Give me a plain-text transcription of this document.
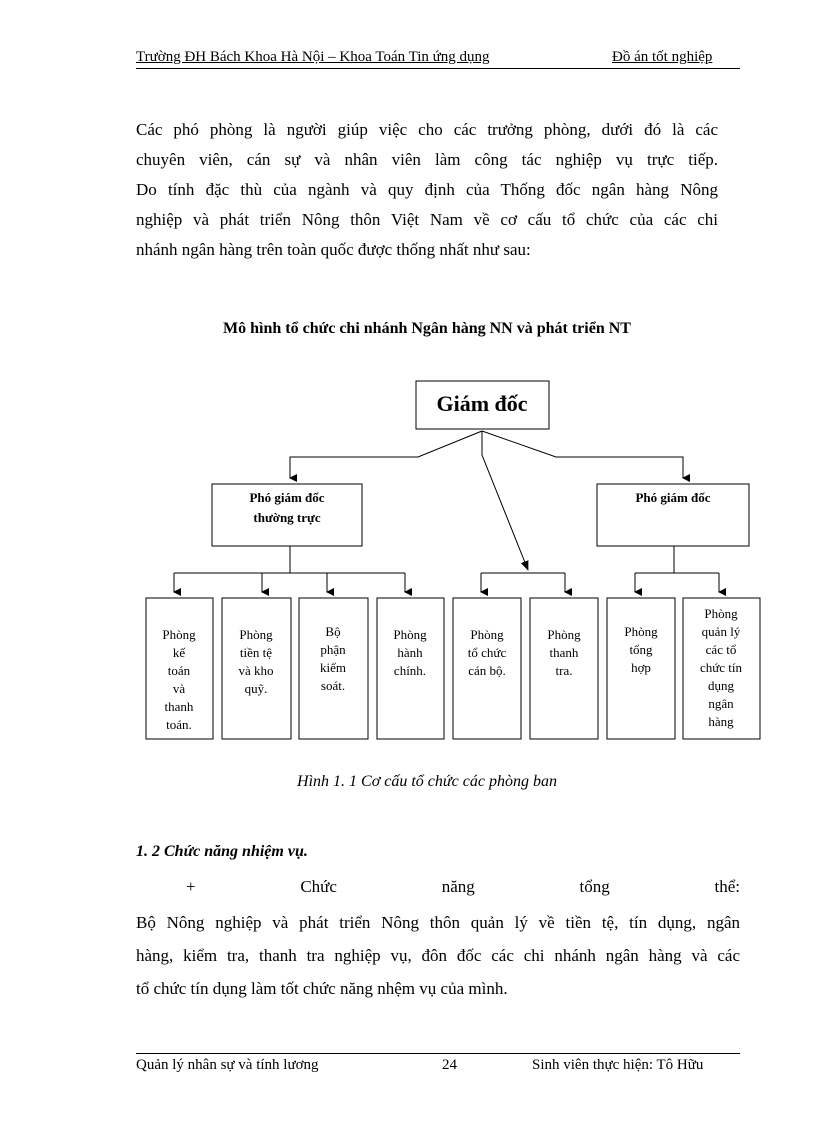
Trường ĐH Bách Khoa Hà Nội – Khoa Toán Tin ứng dụng	Đồ án tốt nghiệp
Các phó phòng là người giúp việc cho các trưởng phòng, dưới đó là các
chuyên viên, cán sự và nhân viên làm công tác nghiệp vụ trực tiếp.
Do tính đặc thù của ngành và quy định của Thống đốc ngân hàng Nông
nghiệp và phát triển Nông thôn Việt Nam về cơ cấu tổ chức của các chi
nhánh ngân hàng trên toàn quốc được thống nhất như sau:
Mô hình tổ chức chi nhánh Ngân hàng NN và phát triển NT
Giám đốc
Phó giám đốc
thường trực
Phó giám đốc
Phòng
kế
toán
và
thanh
toán.
Phòng
tiền tệ
và kho
quỹ.
Bộ
phận
kiểm
soát.
Phòng
hành
chính.
Phòng
tổ chức
cán bộ.
Phòng
thanh
tra.
Phòng
tổng
hợp
Phòng
quản lý
các tổ
chức tín
dụng
ngân
hàng
Hình 1. 1 Cơ cấu tổ chức các phòng ban
1. 2 Chức năng nhiệm vụ.
+	Chức	năng	tổng	thể:
Bộ Nông nghiệp và phát triển Nông thôn quản lý về tiền tệ, tín dụng, ngân
hàng, kiểm tra, thanh tra nghiệp vụ, đôn đốc các chi nhánh ngân hàng và các
tổ chức tín dụng làm tốt chức năng nhệm vụ của mình.
Quản lý nhân sự và tính lương	24	Sinh viên thực hiện: Tô Hữu
